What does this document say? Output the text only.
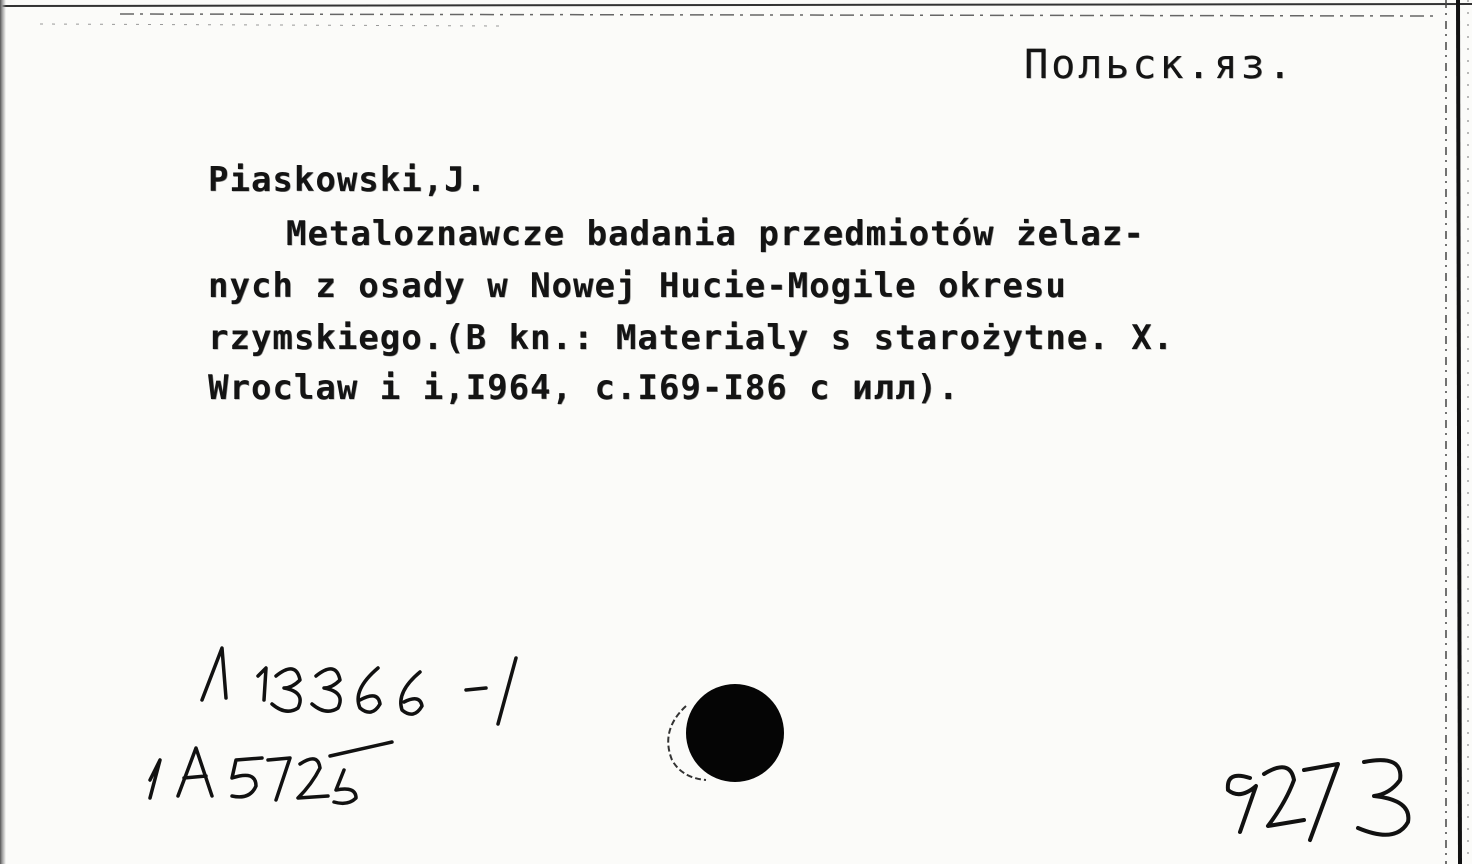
Польск.яз.
Piaskowski,J.
Metaloznawcze badania przedmiotów żelaz-
nych z osady w Nowej Hucie-Mogile okresu
rzymskiego.(В kn.: Materialy s starożytne. X.
Wroclaw i i,I964, с.I69-I86 с илл).
